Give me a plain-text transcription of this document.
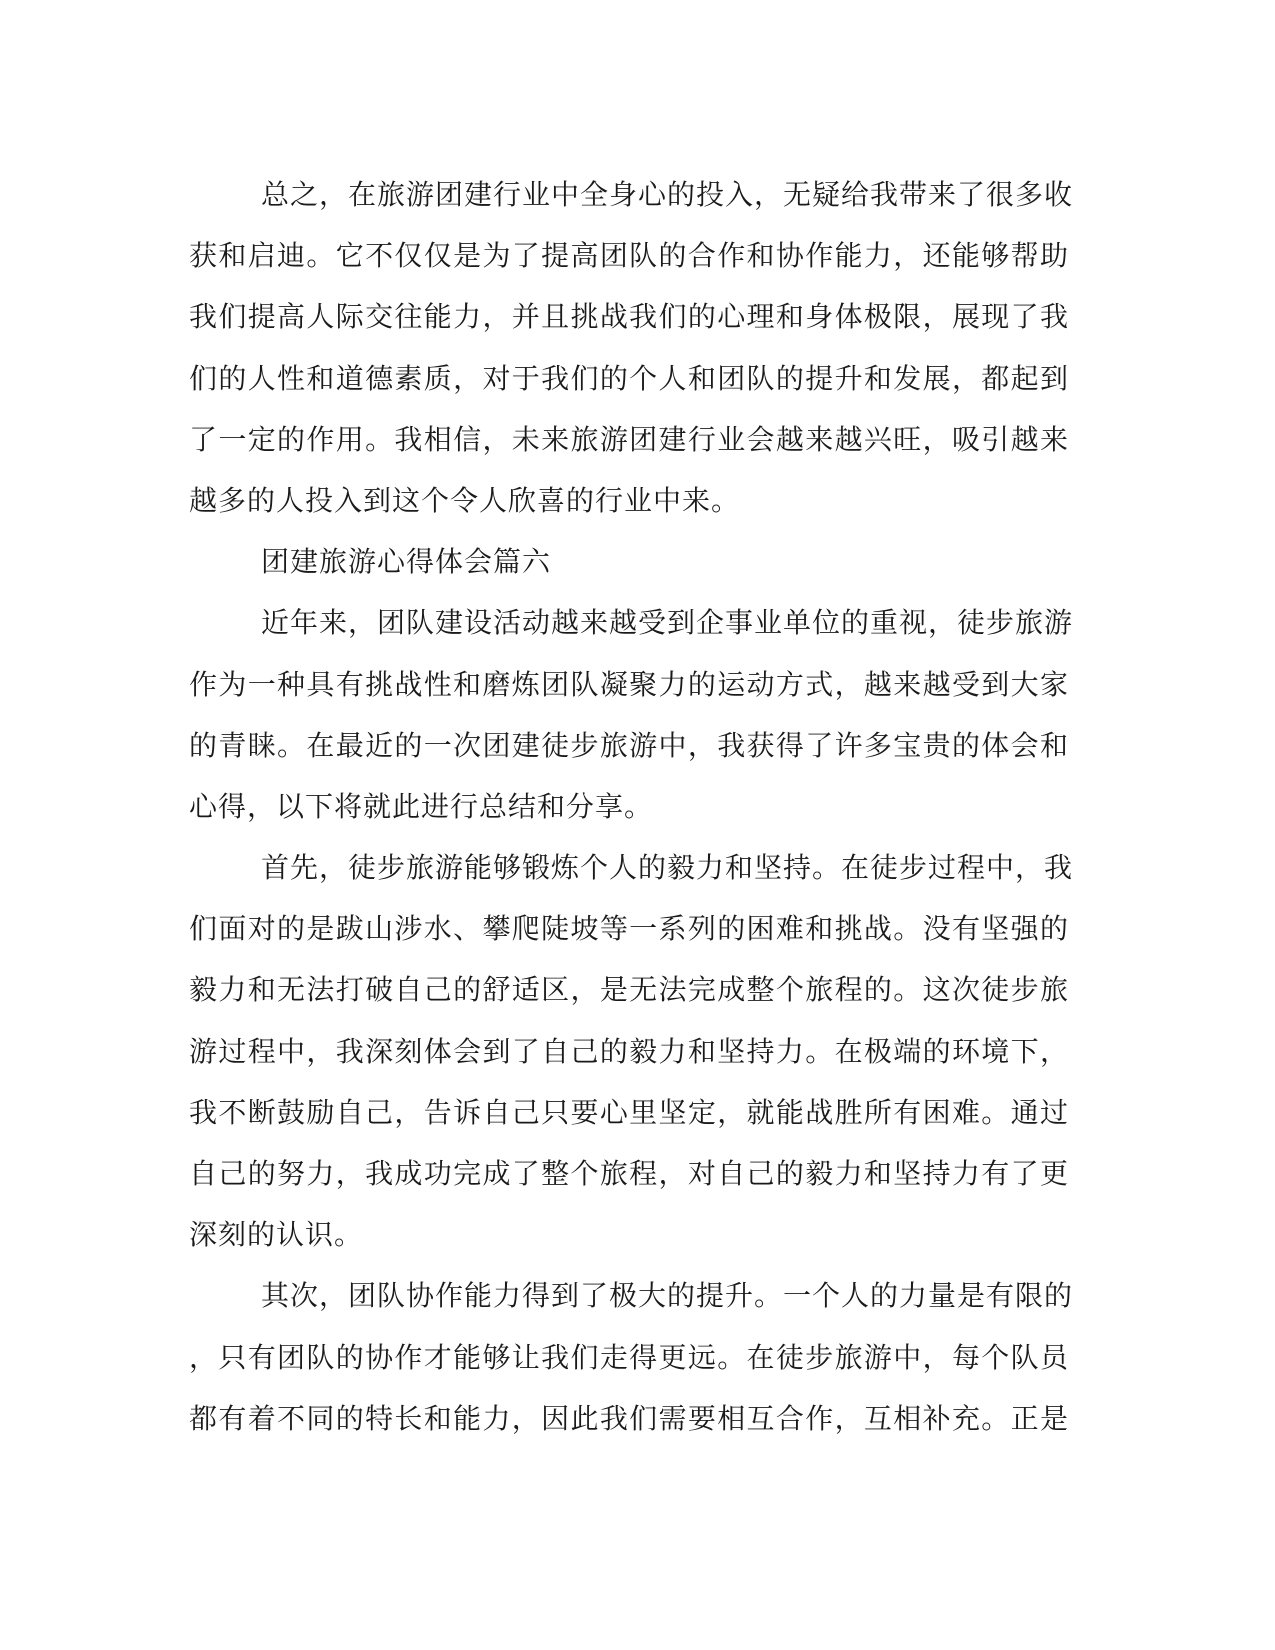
总之，在旅游团建行业中全身心的投入，无疑给我带来了很多收
获和启迪。它不仅仅是为了提高团队的合作和协作能力，还能够帮助
我们提高人际交往能力，并且挑战我们的心理和身体极限，展现了我
们的人性和道德素质，对于我们的个人和团队的提升和发展，都起到
了一定的作用。我相信，未来旅游团建行业会越来越兴旺，吸引越来
越多的人投入到这个令人欣喜的行业中来。
团建旅游心得体会篇六
近年来，团队建设活动越来越受到企事业单位的重视，徒步旅游
作为一种具有挑战性和磨炼团队凝聚力的运动方式，越来越受到大家
的青睐。在最近的一次团建徒步旅游中，我获得了许多宝贵的体会和
心得，以下将就此进行总结和分享。
首先，徒步旅游能够锻炼个人的毅力和坚持。在徒步过程中，我
们面对的是跋山涉水、攀爬陡坡等一系列的困难和挑战。没有坚强的
毅力和无法打破自己的舒适区，是无法完成整个旅程的。这次徒步旅
游过程中，我深刻体会到了自己的毅力和坚持力。在极端的环境下，
我不断鼓励自己，告诉自己只要心里坚定，就能战胜所有困难。通过
自己的努力，我成功完成了整个旅程，对自己的毅力和坚持力有了更
深刻的认识。
其次，团队协作能力得到了极大的提升。一个人的力量是有限的
，只有团队的协作才能够让我们走得更远。在徒步旅游中，每个队员
都有着不同的特长和能力，因此我们需要相互合作，互相补充。正是
